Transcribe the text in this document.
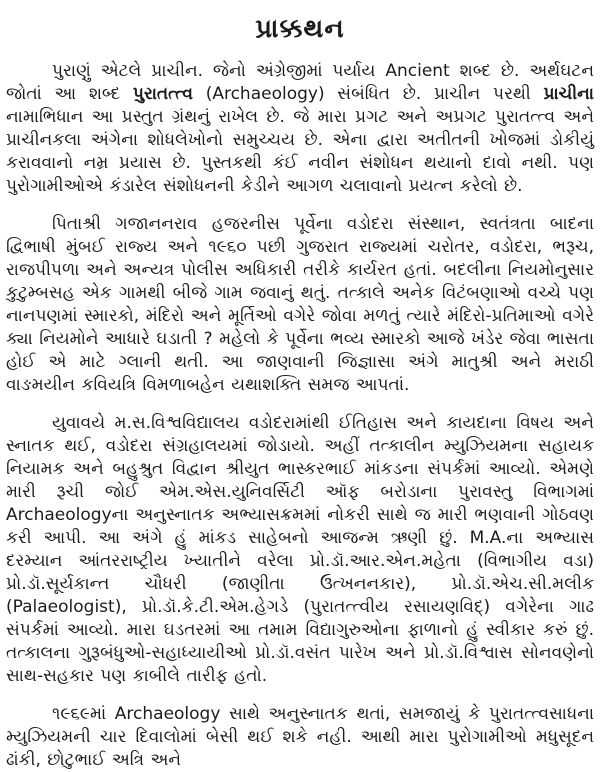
પ્રાક્કથન

પુરાણું એટલે પ્રાચીન. જેનો અંગ્રેજીમાં પર્યાય Ancient શબ્દ છે. અર્થઘટન જોતાં આ શબ્દ પુરાતત્ત્વ (Archaeology) સંબંધિત છે. પ્રાચીન પરથી પ્રાચીના નામાભિધાન આ પ્રસ્તુત ગ્રંથનું રાખેલ છે. જે મારા પ્રગટ અને અપ્રગટ પુરાતત્ત્વ અને પ્રાચીનકલા અંગેના શોધલેખોનો સમુચ્ચય છે. એના દ્વારા અતીતની ખોજમાં ડોકીયું કરાવવાનો નમ્ર પ્રયાસ છે. પુસ્તકથી કંઈ નવીન સંશોધન થયાનો દાવો નથી. પણ પુરોગામીઓએ કંડારેલ સંશોધનની કેડીને આગળ ચલાવાનો પ્રયત્ન કરેલો છે.

પિતાશ્રી ગજાનનરાવ હજરનીસ પૂર્વેના વડોદરા સંસ્થાન, સ્વતંત્રતા બાદના દ્વિભાષી મુંબઈ રાજ્ય અને ૧૯૬૦ પછી ગુજરાત રાજ્યમાં ચરોતર, વડોદરા, ભરૂચ, રાજપીપળા અને અન્યત્ર પોલીસ અધિકારી તરીકે કાર્યરત હતાં. બદલીના નિયમોનુસાર કુટુમ્બસહ એક ગામથી બીજે ગામ જવાનું થતું. તત્કાલે અનેક વિટંબણાઓ વચ્ચે પણ નાનપણમાં સ્મારકો, મંદિરો અને મૂર્તિઓ વગેરે જોવા મળતું ત્યારે મંદિરો-પ્રતિમાઓ વગેરે ક્યા નિયમોને આધારે ઘડાતી ? મહેલો કે પૂર્વેના ભવ્ય સ્મારકો આજે ખંડેર જેવા ભાસતા હોઈ એ માટે ગ્લાની થતી. આ જાણવાની જિજ્ઞાસા અંગે માતુશ્રી અને મરાઠી વાઙમયીન કવિયત્રિ વિમળાબહેન યથાશક્તિ સમજ આપતાં.

યુવાવયે મ.સ.વિશ્વવિદ્યાલય વડોદરામાંથી ઈતિહાસ અને કાયદાના વિષય અને સ્નાતક થઈ, વડોદરા સંગ્રહાલયમાં જોડાયો. અહીં તત્કાલીન મ્યુઝિયમના સહાયક નિયામક અને બહુશ્રુત વિદ્વાન શ્રીયુત ભાસ્કરભાઈ માંકડના સંપર્કમાં આવ્યો. એમણે મારી રૂચી જોઈ એમ.એસ.યુનિવર્સિટી ઑફ બરોડાના પુરાવસ્તુ વિભાગમાં Archaeologyના અનુસ્નાતક અભ્યાસક્રમમાં નોકરી સાથે જ મારી ભણવાની ગોઠવણ કરી આપી. આ અંગે હું માંકડ સાહેબનો આજન્મ ઋણી છું. M.A.ના અભ્યાસ દરમ્યાન આંતરરાષ્ટ્રીય ખ્યાતીને વરેલા પ્રો.ડૉ.આર.એન.મહેતા (વિભાગીય વડા) પ્રો.ડૉ.સૂર્યકાન્ત ચૌધરી (જાણીતા ઉત્ખનનકાર), પ્રો.ડૉ.એચ.સી.મલીક (Palaeologist), પ્રો.ડૉ.કે.ટી.એમ.હેગડે (પુરાતત્ત્વીય રસાયણવિદ્) વગેરેના ગાઢ સંપર્કમાં આવ્યો. મારા ઘડતરમાં આ તમામ વિદ્યાગુરુઓના ફાળાનો હું સ્વીકાર કરું છું. તત્કાલના ગુરૂબંધુઓ-સહાધ્યાયીઓ પ્રો.ડૉ.વસંત પારેખ અને પ્રો.ડૉ.વિશ્વાસ સોનવણેનો સાથ-સહકાર પણ કાબીલે તારીફ હતો.

૧૯૬૯માં Archaeology સાથે અનુસ્નાતક થતાં, સમજાયું કે પુરાતત્ત્વસાધના મ્યુઝિયમની ચાર દિવાલોમાં બેસી થઈ શકે નહી. આથી મારા પુરોગામીઓ મધુસૂદન ઢાંકી, છોટુભાઈ અત્રિ અને
